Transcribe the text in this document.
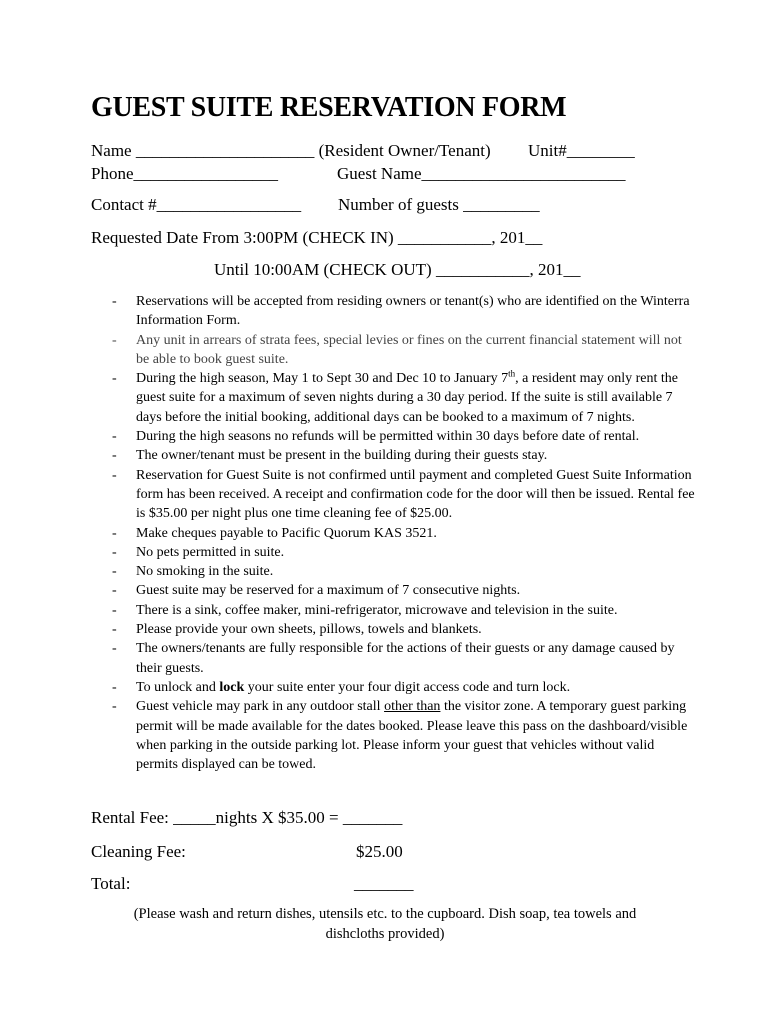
GUEST SUITE RESERVATION FORM
Name _____________________ (Resident Owner/Tenant) Unit#________
Phone_________________	Guest Name________________________
Contact #_________________ Number of guests _________
Requested Date From 3:00PM (CHECK IN) ___________, 201__
Until 10:00AM (CHECK OUT) ___________, 201__
- Reservations will be accepted from residing owners or tenant(s) who are identified on the Winterra Information Form.
- Any unit in arrears of strata fees, special levies or fines on the current financial statement will not be able to book guest suite.
- During the high season, May 1 to Sept 30 and Dec 10 to January 7th, a resident may only rent the guest suite for a maximum of seven nights during a 30 day period. If the suite is still available 7 days before the initial booking, additional days can be booked to a maximum of 7 nights.
- During the high seasons no refunds will be permitted within 30 days before date of rental.
- The owner/tenant must be present in the building during their guests stay.
- Reservation for Guest Suite is not confirmed until payment and completed Guest Suite Information form has been received. A receipt and confirmation code for the door will then be issued. Rental fee is $35.00 per night plus one time cleaning fee of $25.00.
- Make cheques payable to Pacific Quorum KAS 3521.
- No pets permitted in suite.
- No smoking in the suite.
- Guest suite may be reserved for a maximum of 7 consecutive nights.
- There is a sink, coffee maker, mini-refrigerator, microwave and television in the suite.
- Please provide your own sheets, pillows, towels and blankets.
- The owners/tenants are fully responsible for the actions of their guests or any damage caused by their guests.
- To unlock and lock your suite enter your four digit access code and turn lock.
- Guest vehicle may park in any outdoor stall other than the visitor zone. A temporary guest parking permit will be made available for the dates booked. Please leave this pass on the dashboard/visible when parking in the outside parking lot. Please inform your guest that vehicles without valid permits displayed can be towed.
Rental Fee: _____nights X $35.00 = _______
Cleaning Fee:	$25.00
Total:	_______
(Please wash and return dishes, utensils etc. to the cupboard. Dish soap, tea towels and
dishcloths provided)
